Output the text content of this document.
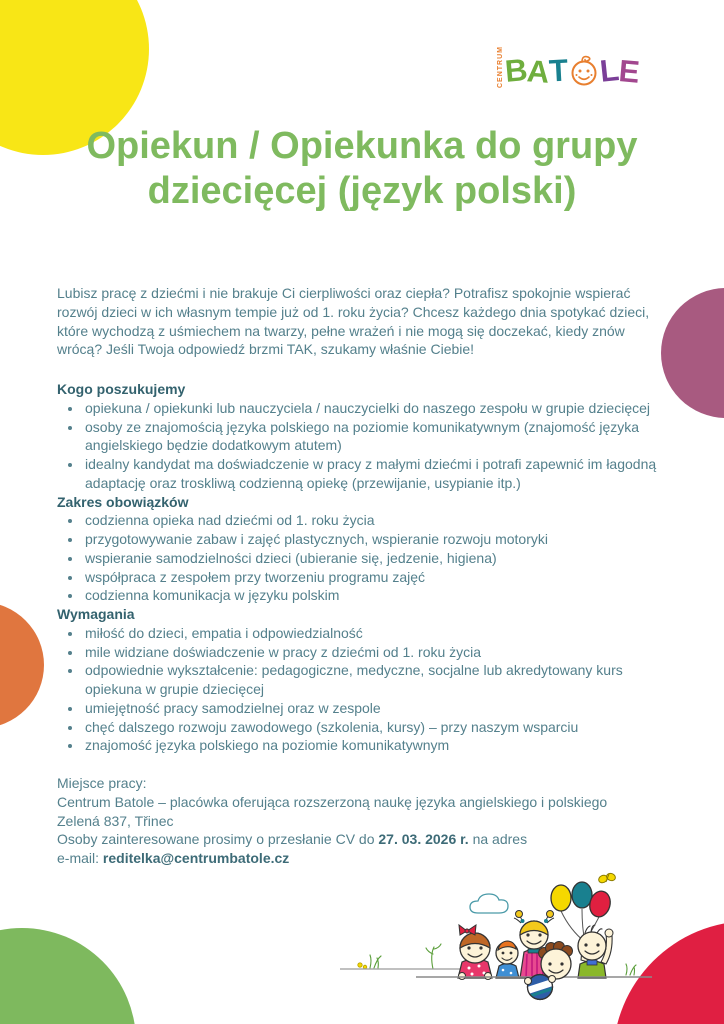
CENTRUM B
A
T L
E
Opiekun / Opiekunka do grupy dziecięcej (język polski)

Lubisz pracę z dziećmi i nie brakuje Ci cierpliwości oraz ciepła? Potrafisz spokojnie wspierać rozwój dzieci w ich własnym tempie już od 1. roku życia? Chcesz każdego dnia spotykać dzieci, które wychodzą z uśmiechem na twarzy, pełne wrażeń i nie mogą się doczekać, kiedy znów wrócą? Jeśli Twoja odpowiedź brzmi TAK, szukamy właśnie Ciebie!

Kogo poszukujemy

• opiekuna / opiekunki lub nauczyciela / nauczycielki do naszego zespołu w grupie dziecięcej
• osoby ze znajomością języka polskiego na poziomie komunikatywnym (znajomość języka angielskiego będzie dodatkowym atutem)
• idealny kandydat ma doświadczenie w pracy z małymi dziećmi i potrafi zapewnić im łagodną adaptację oraz troskliwą codzienną opiekę (przewijanie, usypianie itp.)

Zakres obowiązków

• codzienna opieka nad dziećmi od 1. roku życia
• przygotowywanie zabaw i zajęć plastycznych, wspieranie rozwoju motoryki
• wspieranie samodzielności dzieci (ubieranie się, jedzenie, higiena)
• współpraca z zespołem przy tworzeniu programu zajęć
• codzienna komunikacja w języku polskim

Wymagania

• miłość do dzieci, empatia i odpowiedzialność
• mile widziane doświadczenie w pracy z dziećmi od 1. roku życia
• odpowiednie wykształcenie: pedagogiczne, medyczne, socjalne lub akredytowany kurs opiekuna w grupie dziecięcej
• umiejętność pracy samodzielnej oraz w zespole
• chęć dalszego rozwoju zawodowego (szkolenia, kursy) – przy naszym wsparciu
• znajomość języka polskiego na poziomie komunikatywnym

Miejsce pracy:

Centrum Batole – placówka oferująca rozszerzoną naukę języka angielskiego i polskiego

Zelená 837, Třinec

Osoby zainteresowane prosimy o przesłanie CV do 27. 03. 2026 r. na adres

e-mail: reditelka@centrumbatole.cz
